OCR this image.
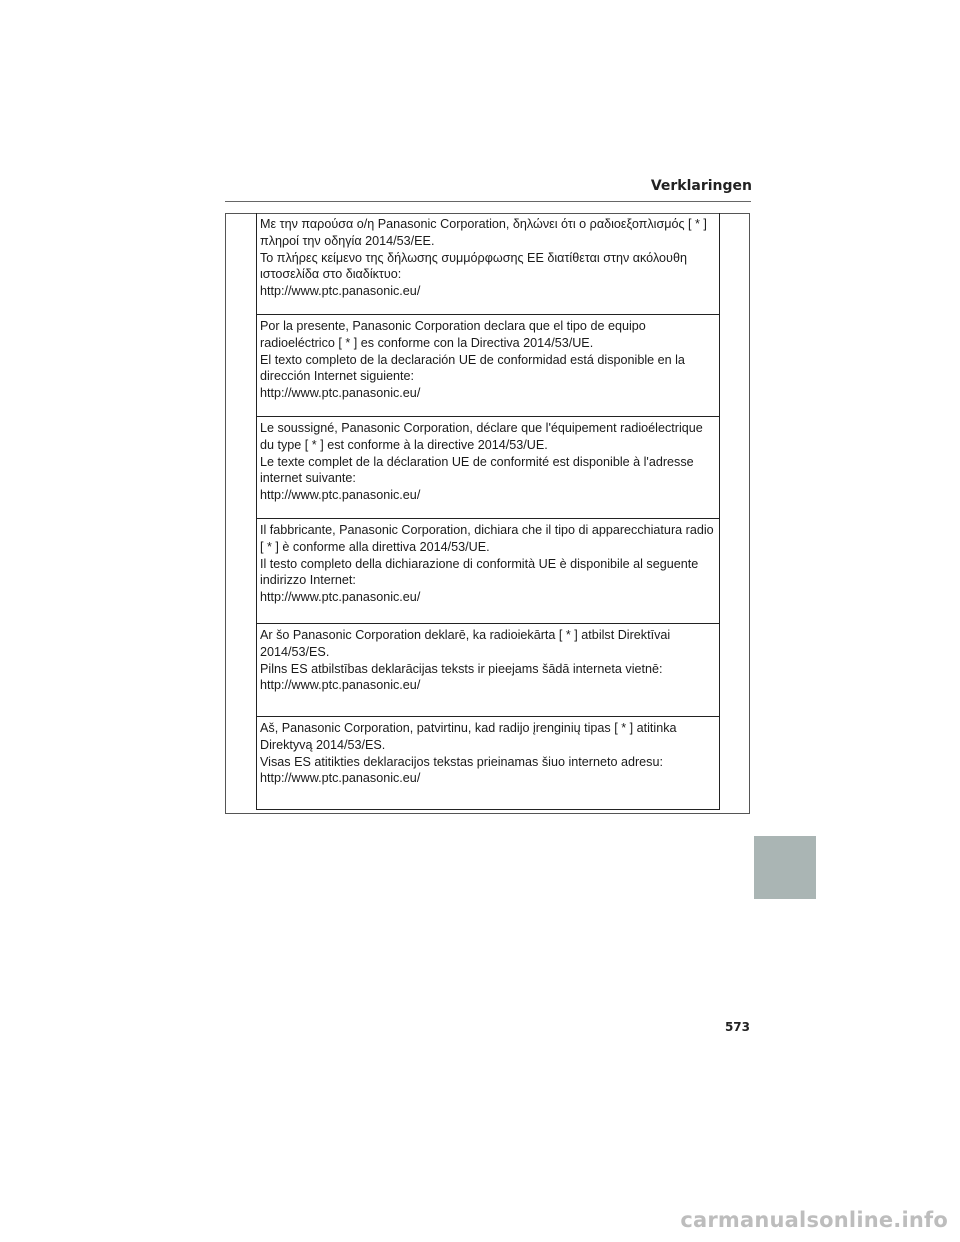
Verklaringen
Με την παρούσα ο/η Panasonic Corporation, δηλώνει ότι ο ραδιοεξοπλισμός [ * ]
πληροί την οδηγία 2014/53/ΕΕ.
Το πλήρες κείμενο της δήλωσης συμμόρφωσης ΕΕ διατίθεται στην ακόλουθη
ιστοσελίδα στο διαδίκτυο:
http://www.ptc.panasonic.eu/
Por la presente, Panasonic Corporation declara que el tipo de equipo
radioeléctrico [ * ] es conforme con la Directiva 2014/53/UE.
El texto completo de la declaración UE de conformidad está disponible en la
dirección Internet siguiente:
http://www.ptc.panasonic.eu/
Le soussigné, Panasonic Corporation, déclare que l'équipement radioélectrique
du type [ * ] est conforme à la directive 2014/53/UE.
Le texte complet de la déclaration UE de conformité est disponible à l'adresse
internet suivante:
http://www.ptc.panasonic.eu/
Il fabbricante, Panasonic Corporation, dichiara che il tipo di apparecchiatura radio
[ * ] è conforme alla direttiva 2014/53/UE.
Il testo completo della dichiarazione di conformità UE è disponibile al seguente
indirizzo Internet:
http://www.ptc.panasonic.eu/
Ar šo Panasonic Corporation deklarē, ka radioiekārta [ * ] atbilst Direktīvai
2014/53/ES.
Pilns ES atbilstības deklarācijas teksts ir pieejams šādā interneta vietnē:
http://www.ptc.panasonic.eu/
Aš, Panasonic Corporation, patvirtinu, kad radijo įrenginių tipas [ * ] atitinka
Direktyvą 2014/53/ES.
Visas ES atitikties deklaracijos tekstas prieinamas šiuo interneto adresu:
http://www.ptc.panasonic.eu/
573
carmanualsonline.info
